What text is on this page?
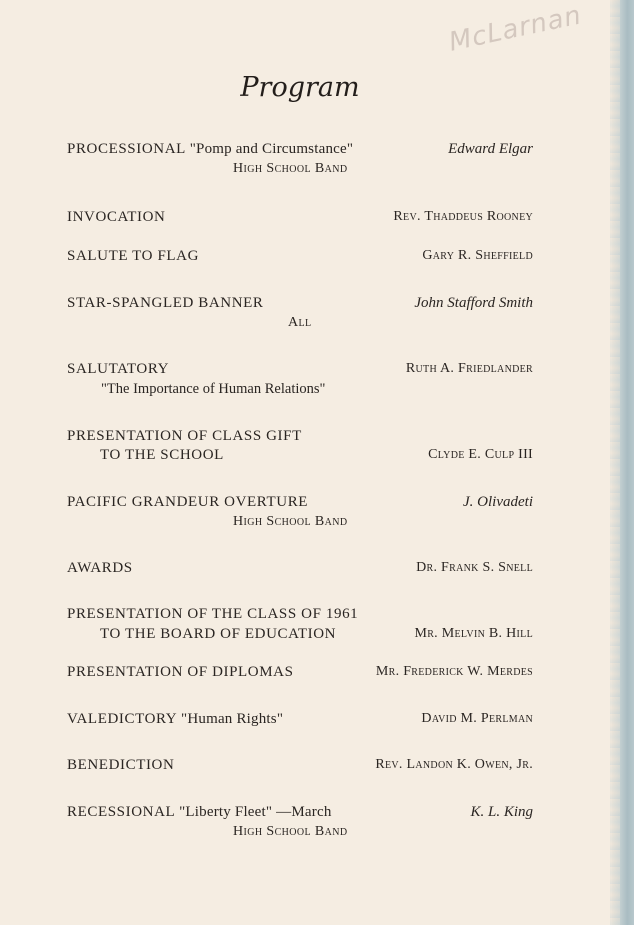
McLarnan
Program
PROCESSIONAL "Pomp and Circumstance"	Edward Elgar
High School Band
INVOCATION	Rev. Thaddeus Rooney
SALUTE TO FLAG	Gary R. Sheffield
STAR-SPANGLED BANNER	John Stafford Smith
All
SALUTATORY	Ruth A. Friedlander
"The Importance of Human Relations"
PRESENTATION OF CLASS GIFT
TO THE SCHOOL	Clyde E. Culp III
PACIFIC GRANDEUR OVERTURE	J. Olivadeti
High School Band
AWARDS	Dr. Frank S. Snell
PRESENTATION OF THE CLASS OF 1961
TO THE BOARD OF EDUCATION	Mr. Melvin B. Hill
PRESENTATION OF DIPLOMAS	Mr. Frederick W. Merdes
VALEDICTORY "Human Rights"	David M. Perlman
BENEDICTION	Rev. Landon K. Owen, Jr.
RECESSIONAL "Liberty Fleet" —March	K. L. King
High School Band
